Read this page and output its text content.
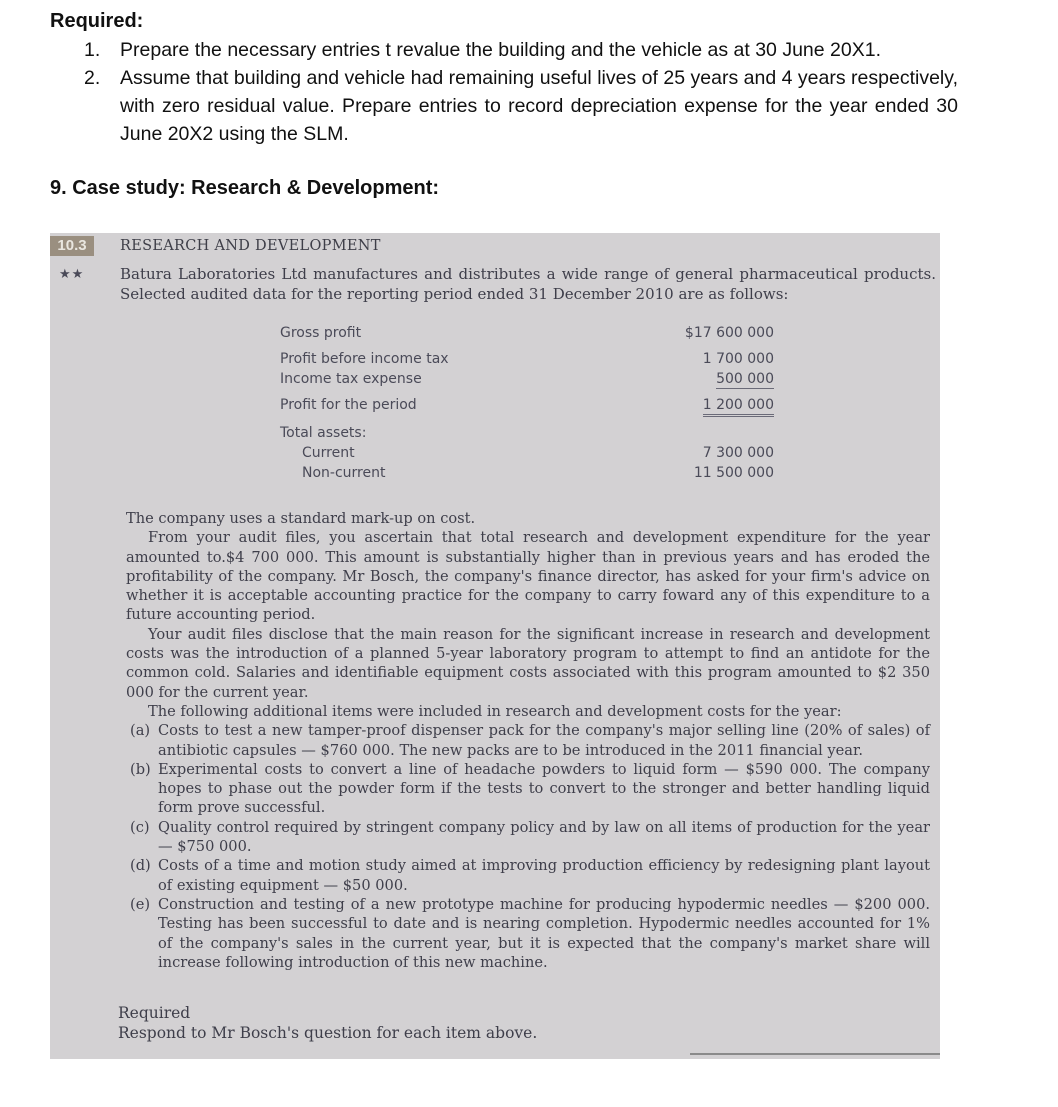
Required:
1. Prepare the necessary entries t revalue the building and the vehicle as at 30 June 20X1.
2. Assume that building and vehicle had remaining useful lives of 25 years and 4 years respectively, with zero residual value. Prepare entries to record depreciation expense for the year ended 30 June 20X2 using the SLM.
9. Case study: Research & Development:
10.3
★★
RESEARCH AND DEVELOPMENT
Batura Laboratories Ltd manufactures and distributes a wide range of general pharmaceutical products. Selected audited data for the reporting period ended 31 December 2010 are as follows:
Gross profit	$17 600 000
Profit before income tax	1 700 000
Income tax expense	500 000
Profit for the period	1 200 000
Total assets:
Current	7 300 000
Non-current	11 500 000

The company uses a standard mark-up on cost.

From your audit files, you ascertain that total research and development expenditure for the year amounted to.$4 700 000. This amount is substantially higher than in previous years and has eroded the profitability of the company. Mr Bosch, the company's finance director, has asked for your firm's advice on whether it is acceptable accounting practice for the company to carry foward any of this expenditure to a future accounting period.

Your audit files disclose that the main reason for the significant increase in research and development costs was the introduction of a planned 5-year laboratory program to attempt to find an antidote for the common cold. Salaries and identifiable equipment costs associated with this program amounted to $2 350 000 for the current year.

The following additional items were included in research and development costs for the year:

(a) Costs to test a new tamper-proof dispenser pack for the company's major selling line (20% of sales) of antibiotic capsules — $760 000. The new packs are to be introduced in the 2011 financial year.
(b) Experimental costs to convert a line of headache powders to liquid form — $590 000. The company hopes to phase out the powder form if the tests to convert to the stronger and better handling liquid form prove successful.
(c) Quality control required by stringent company policy and by law on all items of production for the year — $750 000.
(d) Costs of a time and motion study aimed at improving production efficiency by redesigning plant layout of existing equipment — $50 000.
(e) Construction and testing of a new prototype machine for producing hypodermic needles — $200 000. Testing has been successful to date and is nearing completion. Hypodermic needles accounted for 1% of the company's sales in the current year, but it is expected that the company's market share will increase following introduction of this new machine.
Required
Respond to Mr Bosch's question for each item above.
